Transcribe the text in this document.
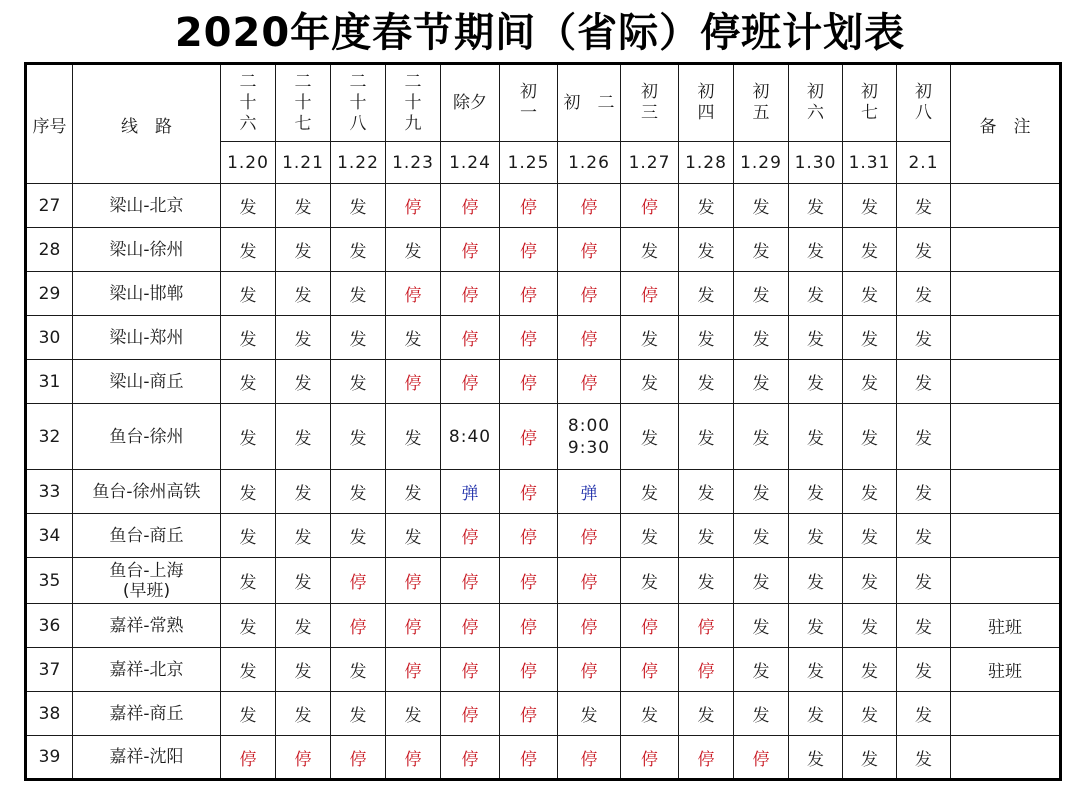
2020年度春节期间（省际）停班计划表
序号	线　路	二
十
六	二
十
七	二
十
八	二
十
九	除夕	初
一	初　二	初
三	初
四	初
五	初
六	初
七	初
八	备　注
		1.20	1.21	1.22	1.23	1.24	1.25	1.26	1.27	1.28	1.29	1.30	1.31	2.1	
27	梁山-北京	发	发	发	停	停	停	停	停	发	发	发	发	发	
28	梁山-徐州	发	发	发	发	停	停	停	发	发	发	发	发	发	
29	梁山-邯郸	发	发	发	停	停	停	停	停	发	发	发	发	发	
30	梁山-郑州	发	发	发	发	停	停	停	发	发	发	发	发	发	
31	梁山-商丘	发	发	发	停	停	停	停	发	发	发	发	发	发	
32	鱼台-徐州	发	发	发	发	8:40	停	8:00
9:30	发	发	发	发	发	发	
33	鱼台-徐州高铁	发	发	发	发	弹	停	弹	发	发	发	发	发	发	
34	鱼台-商丘	发	发	发	发	停	停	停	发	发	发	发	发	发	
35	鱼台-上海
(早班)	发	发	停	停	停	停	停	发	发	发	发	发	发	
36	嘉祥-常熟	发	发	停	停	停	停	停	停	停	发	发	发	发	驻班
37	嘉祥-北京	发	发	发	停	停	停	停	停	停	发	发	发	发	驻班
38	嘉祥-商丘	发	发	发	发	停	停	发	发	发	发	发	发	发	
39	嘉祥-沈阳	停	停	停	停	停	停	停	停	停	停	发	发	发	
